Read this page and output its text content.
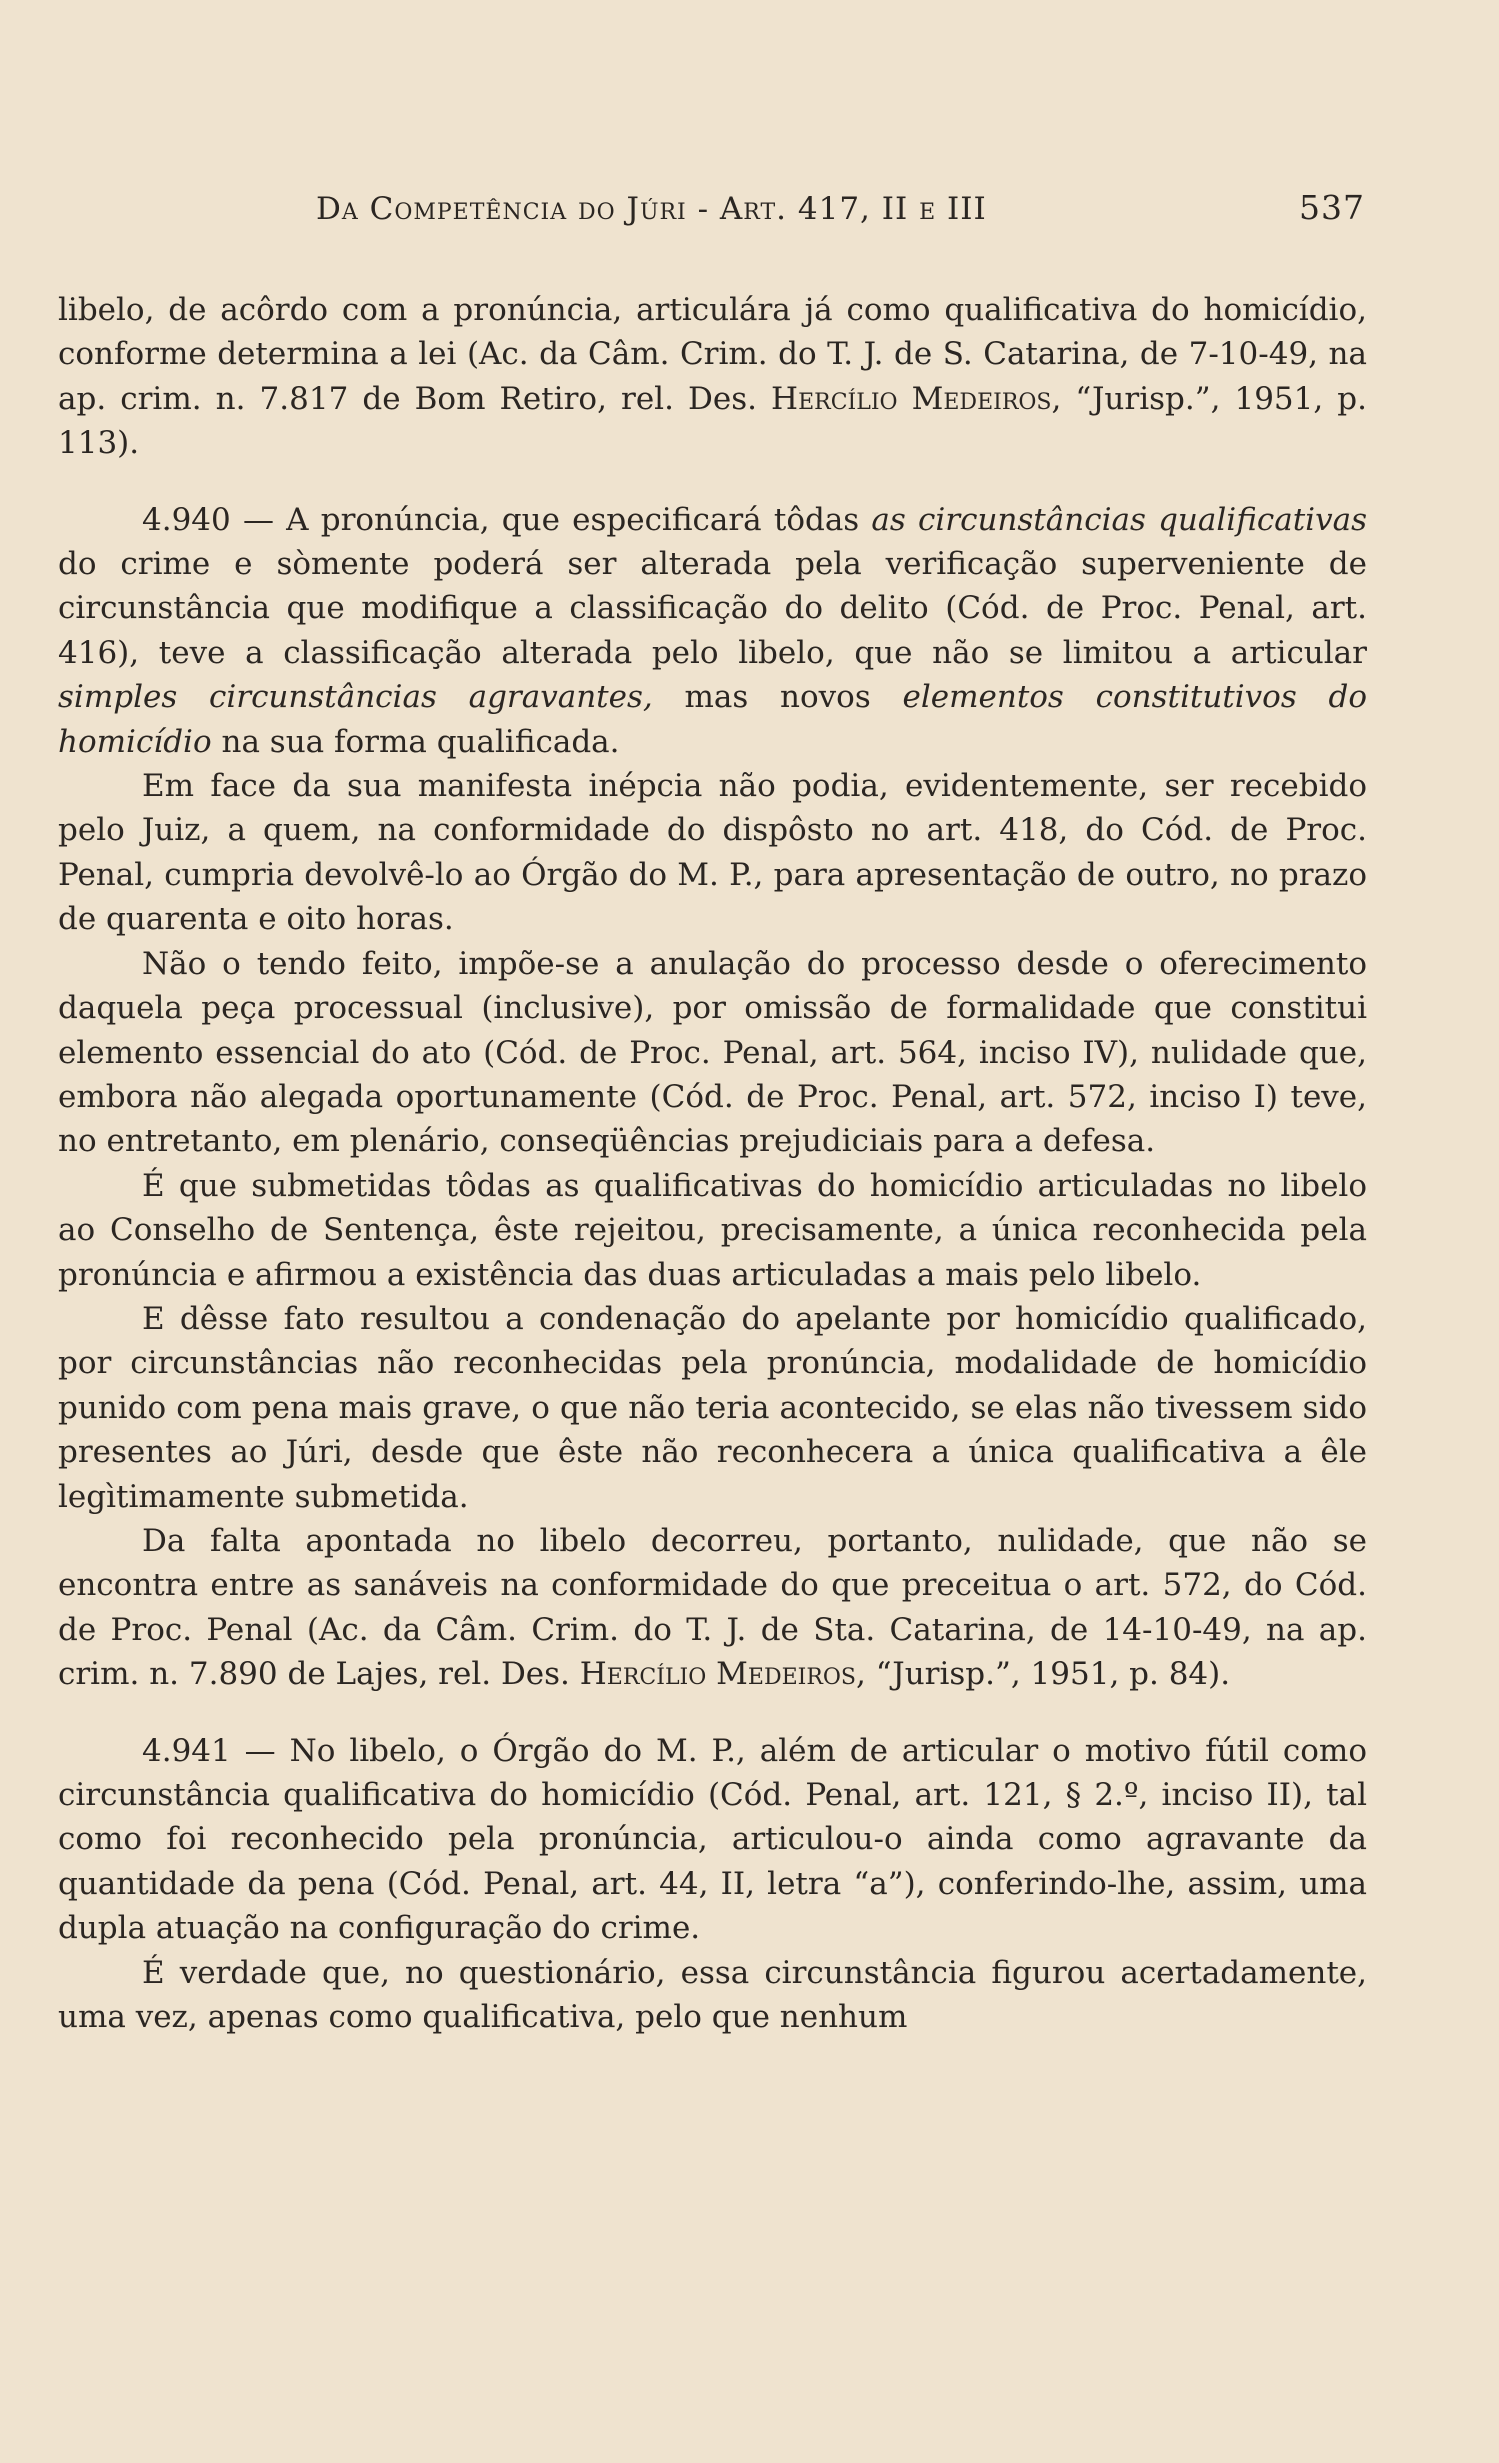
Da Competência do Júri - Art. 417, II e III	537

libelo, de acôrdo com a pronúncia, articulára já como qualificativa do homicídio, conforme determina a lei (Ac. da Câm. Crim. do T. J. de S. Catarina, de 7-10-49, na ap. crim. n. 7.817 de Bom Retiro, rel. Des. Hercílio Medeiros, “Jurisp.”, 1951, p. 113).

4.940 — A pronúncia, que especificará tôdas as circunstâncias qualificativas do crime e sòmente poderá ser alterada pela verificação superveniente de circunstância que modifique a classificação do delito (Cód. de Proc. Penal, art. 416), teve a classificação alterada pelo libelo, que não se limitou a articular simples circunstâncias agravantes, mas novos elementos constitutivos do homicídio na sua forma qualificada.

Em face da sua manifesta inépcia não podia, evidentemente, ser recebido pelo Juiz, a quem, na conformidade do dispôsto no art. 418, do Cód. de Proc. Penal, cumpria devolvê-lo ao Órgão do M. P., para apresentação de outro, no prazo de quarenta e oito horas.

Não o tendo feito, impõe-se a anulação do processo desde o oferecimento daquela peça processual (inclusive), por omissão de formalidade que constitui elemento essencial do ato (Cód. de Proc. Penal, art. 564, inciso IV), nulidade que, embora não alegada oportunamente (Cód. de Proc. Penal, art. 572, inciso I) teve, no entretanto, em plenário, conseqüências prejudiciais para a defesa.

É que submetidas tôdas as qualificativas do homicídio articuladas no libelo ao Conselho de Sentença, êste rejeitou, precisamente, a única reconhecida pela pronúncia e afirmou a existência das duas articuladas a mais pelo libelo.

E dêsse fato resultou a condenação do apelante por homicídio qualificado, por circunstâncias não reconhecidas pela pronúncia, modalidade de homicídio punido com pena mais grave, o que não teria acontecido, se elas não tivessem sido presentes ao Júri, desde que êste não reconhecera a única qualificativa a êle legìtimamente submetida.

Da falta apontada no libelo decorreu, portanto, nulidade, que não se encontra entre as sanáveis na conformidade do que preceitua o art. 572, do Cód. de Proc. Penal (Ac. da Câm. Crim. do T. J. de Sta. Catarina, de 14-10-49, na ap. crim. n. 7.890 de Lajes, rel. Des. Hercílio Medeiros, “Jurisp.”, 1951, p. 84).

4.941 — No libelo, o Órgão do M. P., além de articular o motivo fútil como circunstância qualificativa do homicídio (Cód. Penal, art. 121, § 2.º, inciso II), tal como foi reconhecido pela pronúncia, articulou-o ainda como agravante da quantidade da pena (Cód. Penal, art. 44, II, letra “a”), conferindo-lhe, assim, uma dupla atuação na configuração do crime.

É verdade que, no questionário, essa circunstância figurou acertadamente, uma vez, apenas como qualificativa, pelo que nenhum
